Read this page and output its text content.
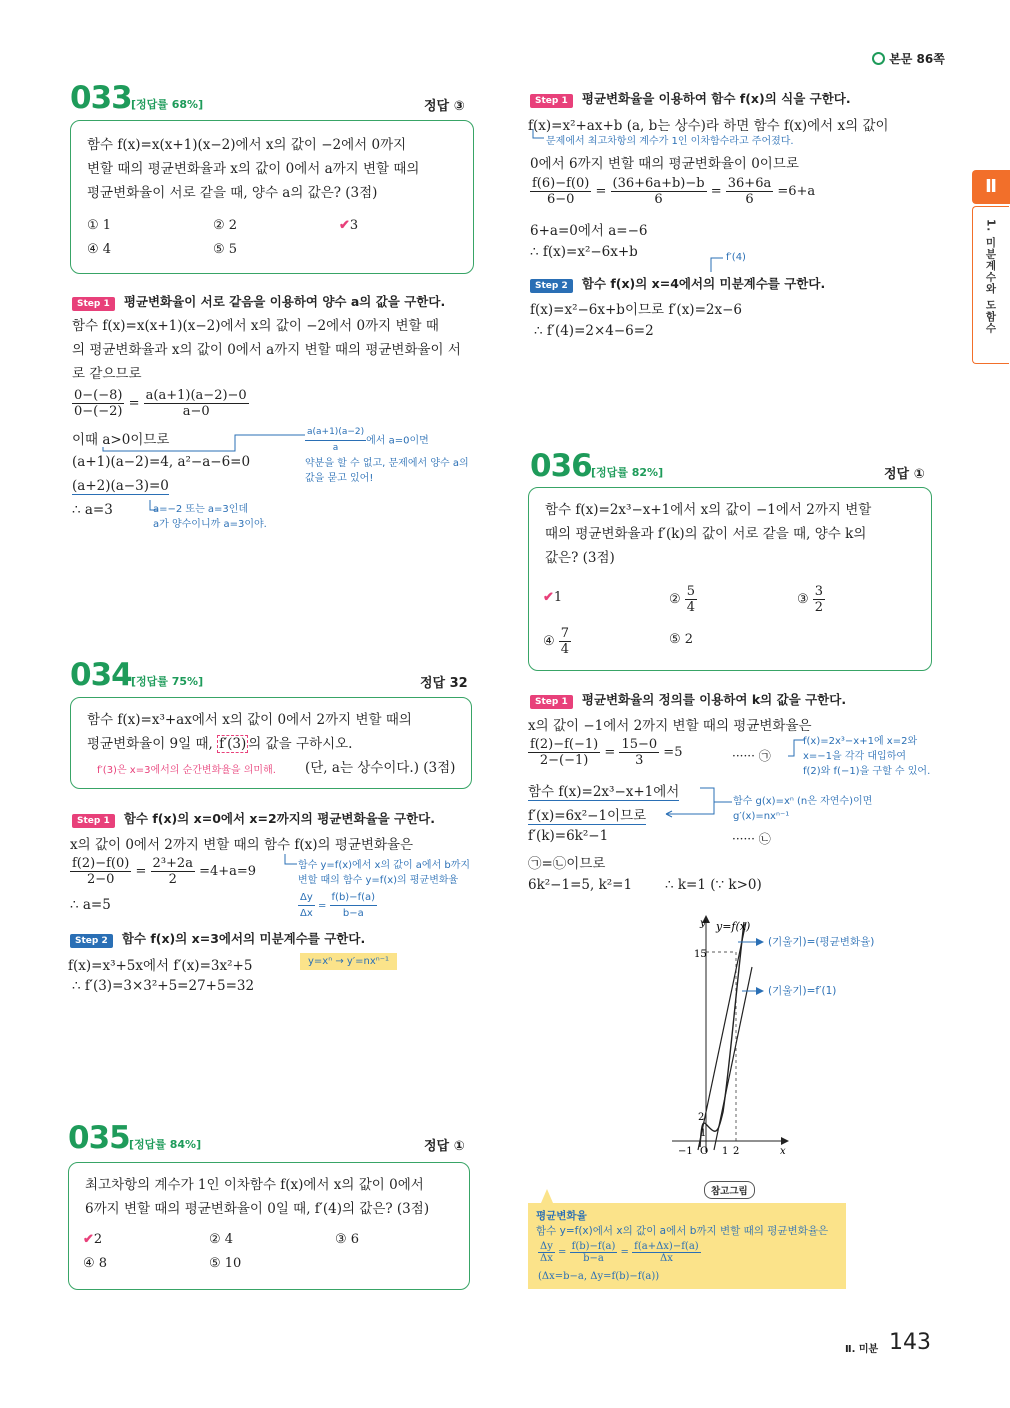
본문 86쪽
Ⅱ
1. 미분계수와 도함수
033 [정답률 68%]	정답 ③
함수 f(x)=x(x+1)(x−2)에서 x의 값이 −2에서 0까지
변할 때의 평균변화율과 x의 값이 0에서 a까지 변할 때의
평균변화율이 서로 같을 때, 양수 a의 값은? (3점)
① 1	② 2	✔3
④ 4	⑤ 5
Step 1 평균변화율이 서로 같음을 이용하여 양수 a의 값을 구한다.
함수 f(x)=x(x+1)(x−2)에서 x의 값이 −2에서 0까지 변할 때
의 평균변화율과 x의 값이 0에서 a까지 변할 때의 평균변화율이 서
로 같으므로
$\frac{0-(-8)}{0-(-2)} = \frac{a(a+1)(a-2)-0}{a-0}$
이때 a>0이므로
(a+1)(a−2)=4, a²−a−6=0
(a+2)(a−3)=0
∴ a=3
$\frac{a(a+1)(a-2)}{a}$ 에서 a=0이면
약분을 할 수 없고, 문제에서 양수 a의
값을 묻고 있어!
a=−2 또는 a=3인데
a가 양수이니까 a=3이야.
034 [정답률 75%]	정답 32
함수 f(x)=x³+ax에서 x의 값이 0에서 2까지 변할 때의
평균변화율이 9일 때, f′(3) 의 값을 구하시오.
f′(3)은 x=3에서의 순간변화율을 의미해. (단, a는 상수이다.) (3점)
Step 1 함수 f(x)의 x=0에서 x=2까지의 평균변화율을 구한다.
x의 값이 0에서 2까지 변할 때의 함수 f(x)의 평균변화율은
$\frac{f(2)-f(0)}{2-0} = \frac{\text{2³+2a}}{2} =4+a=9$
∴ a=5
함수 y=f(x)에서 x의 값이 a에서 b까지
변할 때의 함수 y=f(x)의 평균변화율
$\frac{\Delta y}{\Delta x} = \frac{f(b)-f(a)}{b-a}$
Step 2 함수 f(x)의 x=3에서의 미분계수를 구한다.
f(x)=x³+5x에서 f′(x)=3x²+5
∴ f′(3)=3×3²+5=27+5=32
y=xⁿ → y′=nxⁿ⁻¹
035 [정답률 84%]	정답 ①
최고차항의 계수가 1인 이차함수 f(x)에서 x의 값이 0에서
6까지 변할 때의 평균변화율이 0일 때, f′(4)의 값은? (3점)
✔2	② 4	③ 6
④ 8	⑤ 10
Step 1 평균변화율을 이용하여 함수 f(x)의 식을 구한다.
f(x)=x²+ax+b (a, b는 상수)라 하면 함수 f(x)에서 x의 값이
문제에서 최고차항의 계수가 1인 이차함수라고 주어졌다.
0에서 6까지 변할 때의 평균변화율이 0이므로
$\frac{f(6)-f(0)}{6-0} = \frac{(36+6a+b)-b}{6} = \frac{36+6a}{6} =6+a$
6+a=0에서 a=−6
∴ f(x)=x²−6x+b	f′(4)
Step 2 함수 f(x)의 x=4에서의 미분계수를 구한다.
f(x)=x²−6x+b이므로 f′(x)=2x−6
∴ f′(4)=2×4−6=2
036 [정답률 82%]	정답 ①
함수 f(x)=2x³−x+1에서 x의 값이 −1에서 2까지 변할
때의 평균변화율과 f′(k)의 값이 서로 같을 때, 양수 k의
값은? (3점)
✔1	② $\frac{5}{4}$	③ $\frac{3}{2}$
④ $\frac{7}{4}$	⑤ 2
Step 1 평균변화율의 정의를 이용하여 k의 값을 구한다.
x의 값이 −1에서 2까지 변할 때의 평균변화율은
$\frac{f(2)-f(-1)}{2-(-1)} = \frac{15-0}{3} =5$	······ ㉠
f(x)=2x³−x+1에 x=2와
x=−1을 각각 대입하여
f(2)와 f(−1)을 구할 수 있어.
함수 f(x)=2x³−x+1에서
f′(x)=6x²−1이므로
함수 g(x)=xⁿ (n은 자연수)이면
g′(x)=nxⁿ⁻¹
f′(k)=6k²−1	······ ㉡
㉠=㉡이므로
6k²−1=5, k²=1 ∴ k=1 (∵ k>0)
y y=f(x)
15
2
1
−1 O 1 2	x
(기울기)=(평균변화율)
(기울기)=f′(1)
참고그림
평균변화율
함수 y=f(x)에서 x의 값이 a에서 b까지 변할 때의 평균변화율은
$\frac{\Delta y}{\Delta x} = \frac{f(b)-f(a)}{b-a} = \frac{f(a+\Delta x)-f(a)}{\Delta x}$
(Δx=b−a, Δy=f(b)−f(a))
Ⅱ. 미분 143
